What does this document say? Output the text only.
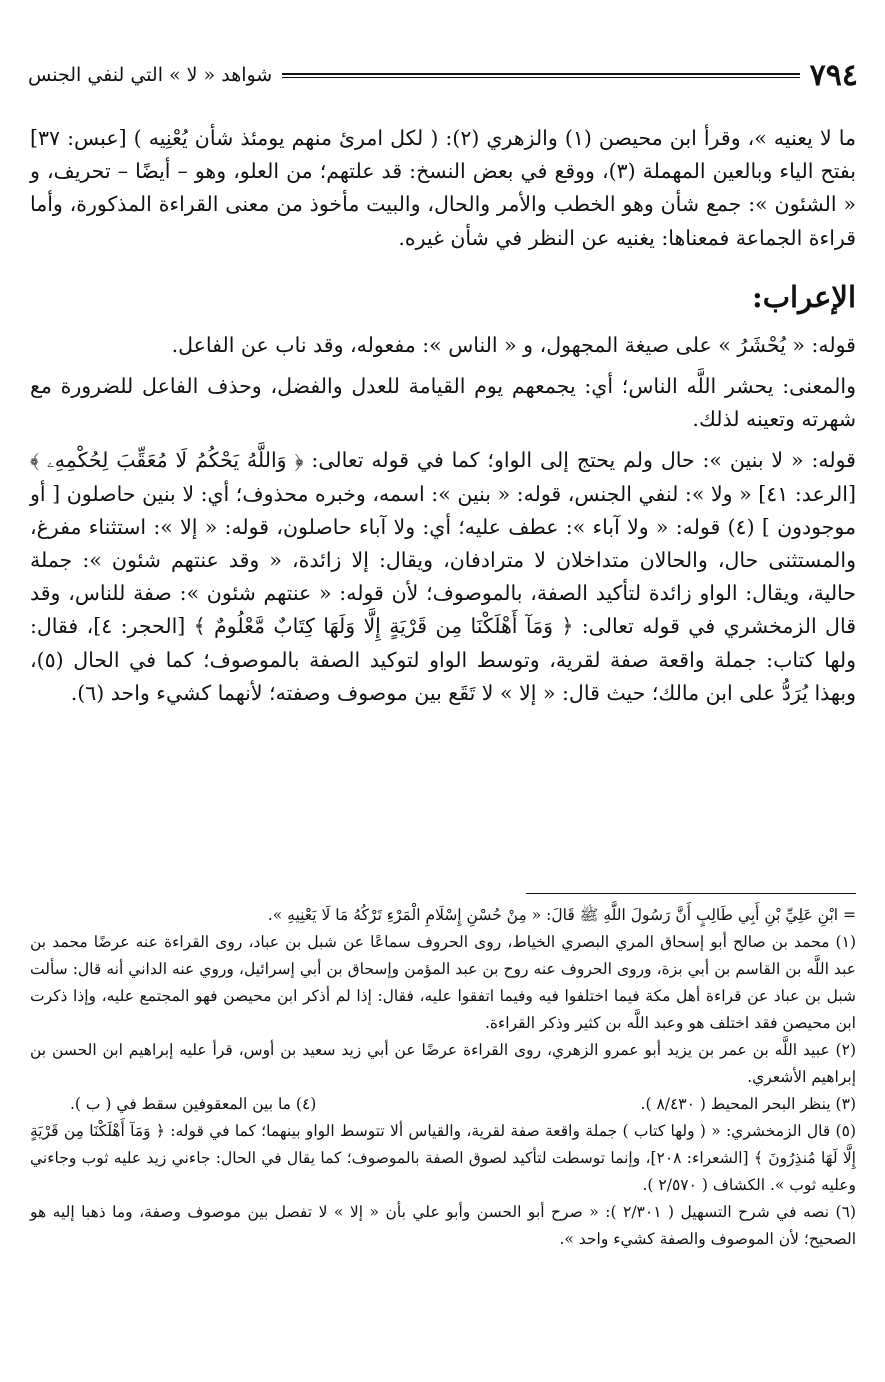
٧٩٤
شواهد « لا » التي لنفي الجنس

ما لا يعنيه »، وقرأ ابن محيصن (١) والزهري (٢): ( لكل امرئ منهم يومئذ شأن يُعْنِيه ) [عبس: ٣٧] بفتح الياء وبالعين المهملة (٣)، ووقع في بعض النسخ: قد علتهم؛ من العلو، وهو – أيضًا – تحريف، و « الشئون »: جمع شأن وهو الخطب والأمر والحال، والبيت مأخوذ من معنى القراءة المذكورة، وأما قراءة الجماعة فمعناها: يغنيه عن النظر في شأن غيره.

الإعراب:

قوله: « يُحْشَرُ » على صيغة المجهول، و « الناس »: مفعوله، وقد ناب عن الفاعل.

والمعنى: يحشر اللَّه الناس؛ أي: يجمعهم يوم القيامة للعدل والفضل، وحذف الفاعل للضرورة مع شهرته وتعينه لذلك.

قوله: « لا بنين »: حال ولم يحتج إلى الواو؛ كما في قوله تعالى: ﴿ وَاللَّهُ يَحْكُمُ لَا مُعَقِّبَ لِحُكْمِهِۦ ﴾ [الرعد: ٤١] « ولا »: لنفي الجنس، قوله: « بنين »: اسمه، وخبره محذوف؛ أي: لا بنين حاصلون [ أو موجودون ] (٤) قوله: « ولا آباء »: عطف عليه؛ أي: ولا آباء حاصلون، قوله: « إلا »: استثناء مفرغ، والمستثنى حال، والحالان متداخلان لا مترادفان، ويقال: إلا زائدة، « وقد عنتهم شئون »: جملة حالية، ويقال: الواو زائدة لتأكيد الصفة، بالموصوف؛ لأن قوله: « عنتهم شئون »: صفة للناس، وقد قال الزمخشري في قوله تعالى: ﴿ وَمَآ أَهْلَكْنَا مِن قَرْيَةٍ إِلَّا وَلَهَا كِتَابٌ مَّعْلُومٌ ﴾ [الحجر: ٤]، فقال: ولها كتاب: جملة واقعة صفة لقرية، وتوسط الواو لتوكيد الصفة بالموصوف؛ كما في الحال (٥)، وبهذا يُرَدُّ على ابن مالك؛ حيث قال: « إلا » لا تَقَع بين موصوف وصفته؛ لأنهما كشيء واحد (٦).

= ابْنِ عَلِيِّ بْنِ أَبِي طَالِبٍ أَنَّ رَسُولَ اللَّهِ ﷺ قَالَ: « مِنْ حُسْنِ إِسْلَامِ الْمَرْءِ تَرْكُهُ مَا لَا يَعْنِيهِ ».

(١) محمد بن صالح أبو إسحاق المري البصري الخياط، روى الحروف سماعًا عن شبل بن عباد، روى القراءة عنه عرضًا محمد بن عبد اللَّه بن القاسم بن أبي بزة، وروى الحروف عنه روح بن عبد المؤمن وإسحاق بن أبي إسرائيل، وروي عنه الداني أنه قال: سألت شبل بن عباد عن قراءة أهل مكة فيما اختلفوا فيه وفيما اتفقوا عليه، فقال: إذا لم أذكر ابن محيصن فهو المجتمع عليه، وإذا ذكرت ابن محيصن فقد اختلف هو وعبد اللَّه بن كثير وذكر القراءة.

(٢) عبيد اللَّه بن عمر بن يزيد أبو عمرو الزهري، روى القراءة عرضًا عن أبي زيد سعيد بن أوس، قرأ عليه إبراهيم ابن الحسن بن إبراهيم الأشعري.

(٣) ينظر البحر المحيط ( ٨/٤٣٠ ).
(٤) ما بين المعقوفين سقط في ( ب ).

(٥) قال الزمخشري: « ( ولها كتاب ) جملة واقعة صفة لقرية، والقياس ألا تتوسط الواو بينهما؛ كما في قوله: ﴿ وَمَآ أَهْلَكْنَا مِن قَرْيَةٍ إِلَّا لَهَا مُنذِرُونَ ﴾ [الشعراء: ٢٠٨]، وإنما توسطت لتأكيد لصوق الصفة بالموصوف؛ كما يقال في الحال: جاءني زيد عليه ثوب وجاءني وعليه ثوب ». الكشاف ( ٢/٥٧٠ ).

(٦) نصه في شرح التسهيل ( ٢/٣٠١ ): « صرح أبو الحسن وأبو علي بأن « إلا » لا تفصل بين موصوف وصفة، وما ذهبا إليه هو الصحيح؛ لأن الموصوف والصفة كشيء واحد ».
